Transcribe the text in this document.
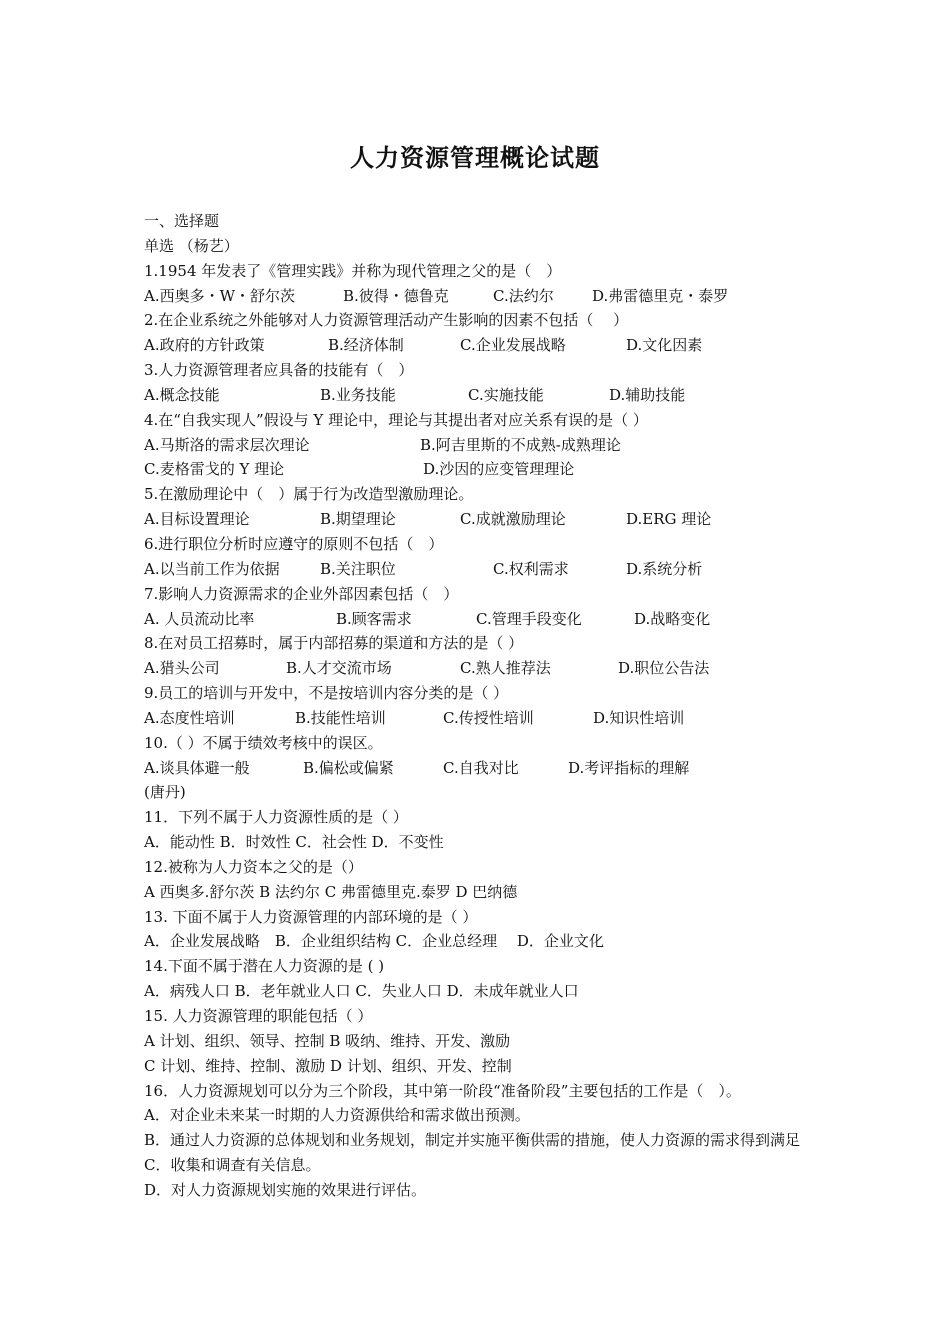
人力资源管理概论试题
一、选择题
单选 （杨艺）
1.1954 年发表了《管理实践》并称为现代管理之父的是（　）
A.西奥多・W・舒尔茨	B.彼得・德鲁克	C.法约尔	D.弗雷德里克・泰罗
2.在企业系统之外能够对人力资源管理活动产生影响的因素不包括（　 ）
A.政府的方针政策	B.经济体制	C.企业发展战略	D.文化因素
3.人力资源管理者应具备的技能有（　）
A.概念技能	B.业务技能	C.实施技能	D.辅助技能
4.在“自我实现人”假设与 Y 理论中，理论与其提出者对应关系有误的是（ ）
A.马斯洛的需求层次理论	B.阿吉里斯的不成熟-成熟理论
C.麦格雷戈的 Y 理论	D.沙因的应变管理理论
5.在激励理论中（　）属于行为改造型激励理论。
A.目标设置理论	B.期望理论	C.成就激励理论	D.ERG 理论
6.进行职位分析时应遵守的原则不包括（　）
A.以当前工作为依据	B.关注职位	C.权利需求	D.系统分析
7.影响人力资源需求的企业外部因素包括（　）
A. 人员流动比率	B.顾客需求	C.管理手段变化	D.战略变化
8.在对员工招募时，属于内部招募的渠道和方法的是（ ）
A.猎头公司	B.人才交流市场	C.熟人推荐法	D.职位公告法
9.员工的培训与开发中，不是按培训内容分类的是（ ）
A.态度性培训	B.技能性培训	C.传授性培训	D.知识性培训
10.（ ）不属于绩效考核中的误区。
A.谈具体避一般	B.偏松或偏紧	C.自我对比	D.考评指标的理解
(唐丹)
11．下列不属于人力资源性质的是（ ）
A．能动性 B．时效性 C．社会性 D．不变性
12.被称为人力资本之父的是（）
A 西奥多.舒尔茨 B 法约尔 C 弗雷德里克.泰罗 D 巴纳德
13. 下面不属于人力资源管理的内部环境的是（ ）
A．企业发展战略　B．企业组织结构 C．企业总经理　 D．企业文化
14.下面不属于潜在人力资源的是 ( )
A．病残人口 B．老年就业人口 C．失业人口 D．未成年就业人口
15. 人力资源管理的职能包括（ ）
A 计划、组织、领导、控制 B 吸纳、维持、开发、激励
C 计划、维持、控制、激励 D 计划、组织、开发、控制
16．人力资源规划可以分为三个阶段，其中第一阶段“准备阶段”主要包括的工作是（　）。
A．对企业未来某一时期的人力资源供给和需求做出预测。
B．通过人力资源的总体规划和业务规划，制定并实施平衡供需的措施，使人力资源的需求得到满足
C．收集和调查有关信息。
D．对人力资源规划实施的效果进行评估。
